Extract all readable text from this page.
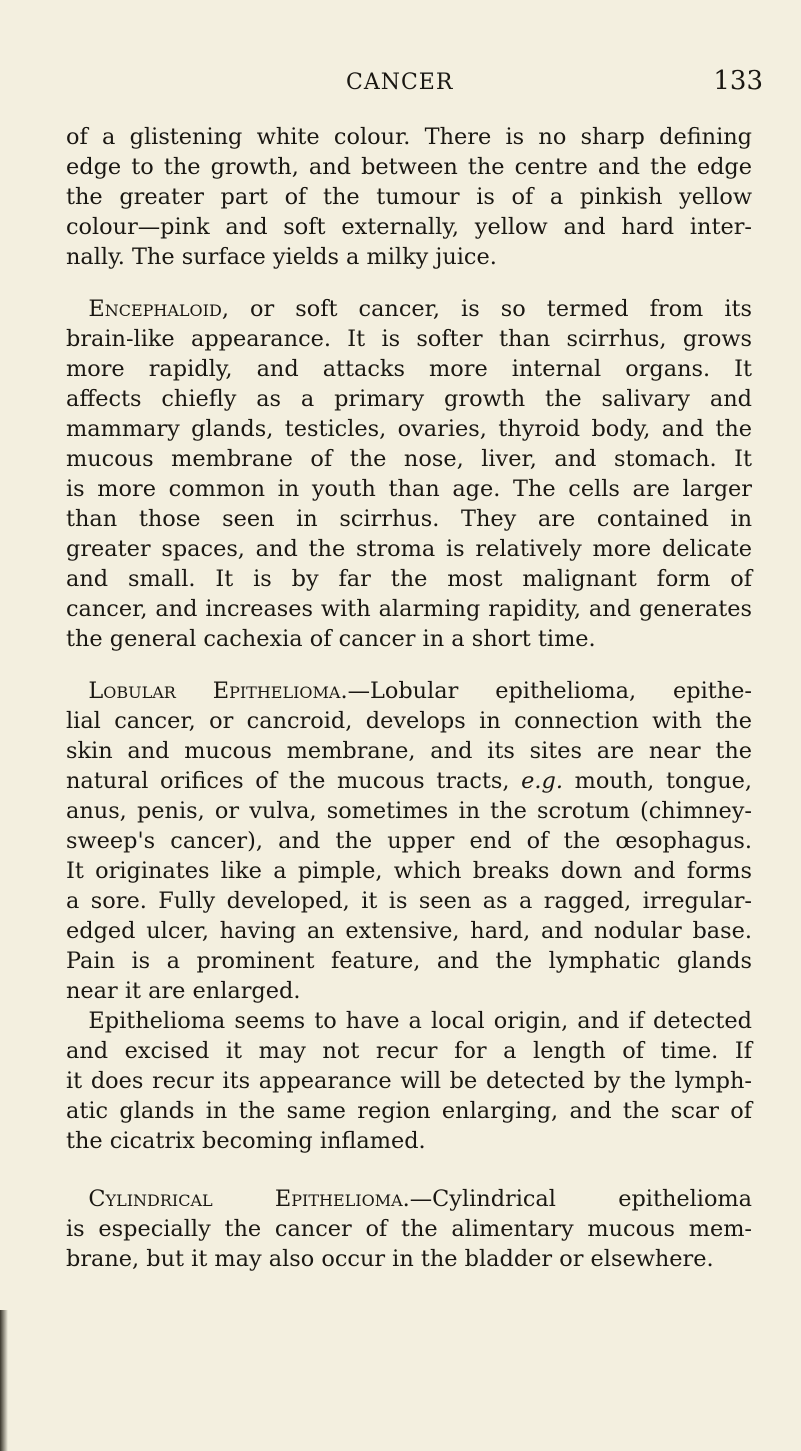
CANCER	133
of a glistening white colour. There is no sharp defining
edge to the growth, and between the centre and the edge
the greater part of the tumour is of a pinkish yellow
colour—pink and soft externally, yellow and hard inter-
nally. The surface yields a milky juice.
 Encephaloid, or soft cancer, is so termed from its
brain-like appearance. It is softer than scirrhus, grows
more rapidly, and attacks more internal organs. It
affects chiefly as a primary growth the salivary and
mammary glands, testicles, ovaries, thyroid body, and the
mucous membrane of the nose, liver, and stomach. It
is more common in youth than age. The cells are larger
than those seen in scirrhus. They are contained in
greater spaces, and the stroma is relatively more delicate
and small. It is by far the most malignant form of
cancer, and increases with alarming rapidity, and generates
the general cachexia of cancer in a short time.
 Lobular Epithelioma.—Lobular epithelioma, epithe-
lial cancer, or cancroid, develops in connection with the
skin and mucous membrane, and its sites are near the
natural orifices of the mucous tracts, e.g. mouth, tongue,
anus, penis, or vulva, sometimes in the scrotum (chimney-
sweep's cancer), and the upper end of the œsophagus.
It originates like a pimple, which breaks down and forms
a sore. Fully developed, it is seen as a ragged, irregular-
edged ulcer, having an extensive, hard, and nodular base.
Pain is a prominent feature, and the lymphatic glands
near it are enlarged.
 Epithelioma seems to have a local origin, and if detected
and excised it may not recur for a length of time. If
it does recur its appearance will be detected by the lymph-
atic glands in the same region enlarging, and the scar of
the cicatrix becoming inflamed.
 Cylindrical Epithelioma.—Cylindrical epithelioma
is especially the cancer of the alimentary mucous mem-
brane, but it may also occur in the bladder or elsewhere.
